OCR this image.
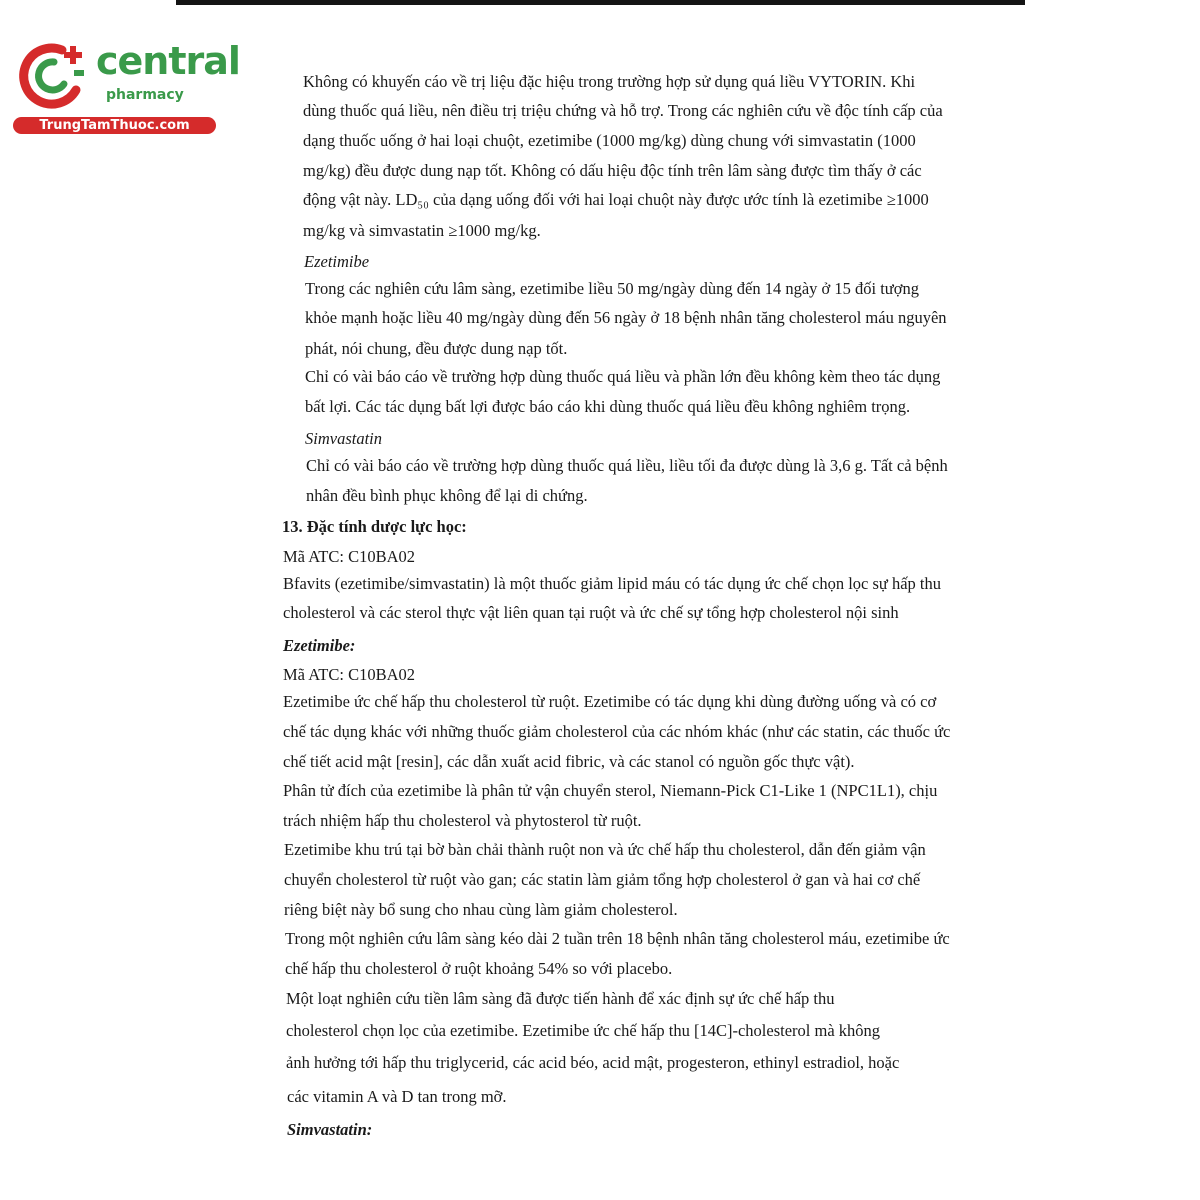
central
pharmacy
TrungTamThuoc.com
Không có khuyến cáo về trị liệu đặc hiệu trong trường hợp sử dụng quá liều VYTORIN. Khi
dùng thuốc quá liều, nên điều trị triệu chứng và hỗ trợ. Trong các nghiên cứu về độc tính cấp của
dạng thuốc uống ở hai loại chuột, ezetimibe (1000 mg/kg) dùng chung với simvastatin (1000
mg/kg) đều được dung nạp tốt. Không có dấu hiệu độc tính trên lâm sàng được tìm thấy ở các
động vật này. LD₅₀ của dạng uống đối với hai loại chuột này được ước tính là ezetimibe ≥1000
mg/kg và simvastatin ≥1000 mg/kg.
Ezetimibe
Trong các nghiên cứu lâm sàng, ezetimibe liều 50 mg/ngày dùng đến 14 ngày ở 15 đối tượng
khỏe mạnh hoặc liều 40 mg/ngày dùng đến 56 ngày ở 18 bệnh nhân tăng cholesterol máu nguyên
phát, nói chung, đều được dung nạp tốt.
Chỉ có vài báo cáo về trường hợp dùng thuốc quá liều và phần lớn đều không kèm theo tác dụng
bất lợi. Các tác dụng bất lợi được báo cáo khi dùng thuốc quá liều đều không nghiêm trọng.
Simvastatin
Chỉ có vài báo cáo về trường hợp dùng thuốc quá liều, liều tối đa được dùng là 3,6 g. Tất cả bệnh
nhân đều bình phục không để lại di chứng.
13. Đặc tính dược lực học:
Mã ATC: C10BA02
Bfavits (ezetimibe/simvastatin) là một thuốc giảm lipid máu có tác dụng ức chế chọn lọc sự hấp thu
cholesterol và các sterol thực vật liên quan tại ruột và ức chế sự tổng hợp cholesterol nội sinh
Ezetimibe:
Mã ATC: C10BA02
Ezetimibe ức chế hấp thu cholesterol từ ruột. Ezetimibe có tác dụng khi dùng đường uống và có cơ
chế tác dụng khác với những thuốc giảm cholesterol của các nhóm khác (như các statin, các thuốc ức
chế tiết acid mật [resin], các dẫn xuất acid fibric, và các stanol có nguồn gốc thực vật).
Phân tử đích của ezetimibe là phân tử vận chuyển sterol, Niemann-Pick C1-Like 1 (NPC1L1), chịu
trách nhiệm hấp thu cholesterol và phytosterol từ ruột.
Ezetimibe khu trú tại bờ bàn chải thành ruột non và ức chế hấp thu cholesterol, dẫn đến giảm vận
chuyển cholesterol từ ruột vào gan; các statin làm giảm tổng hợp cholesterol ở gan và hai cơ chế
riêng biệt này bổ sung cho nhau cùng làm giảm cholesterol.
Trong một nghiên cứu lâm sàng kéo dài 2 tuần trên 18 bệnh nhân tăng cholesterol máu, ezetimibe ức
chế hấp thu cholesterol ở ruột khoảng 54% so với placebo.
Một loạt nghiên cứu tiền lâm sàng đã được tiến hành để xác định sự ức chế hấp thu
cholesterol chọn lọc của ezetimibe. Ezetimibe ức chế hấp thu [14C]-cholesterol mà không
ảnh hưởng tới hấp thu triglycerid, các acid béo, acid mật, progesteron, ethinyl estradiol, hoặc
các vitamin A và D tan trong mỡ.
Simvastatin:
